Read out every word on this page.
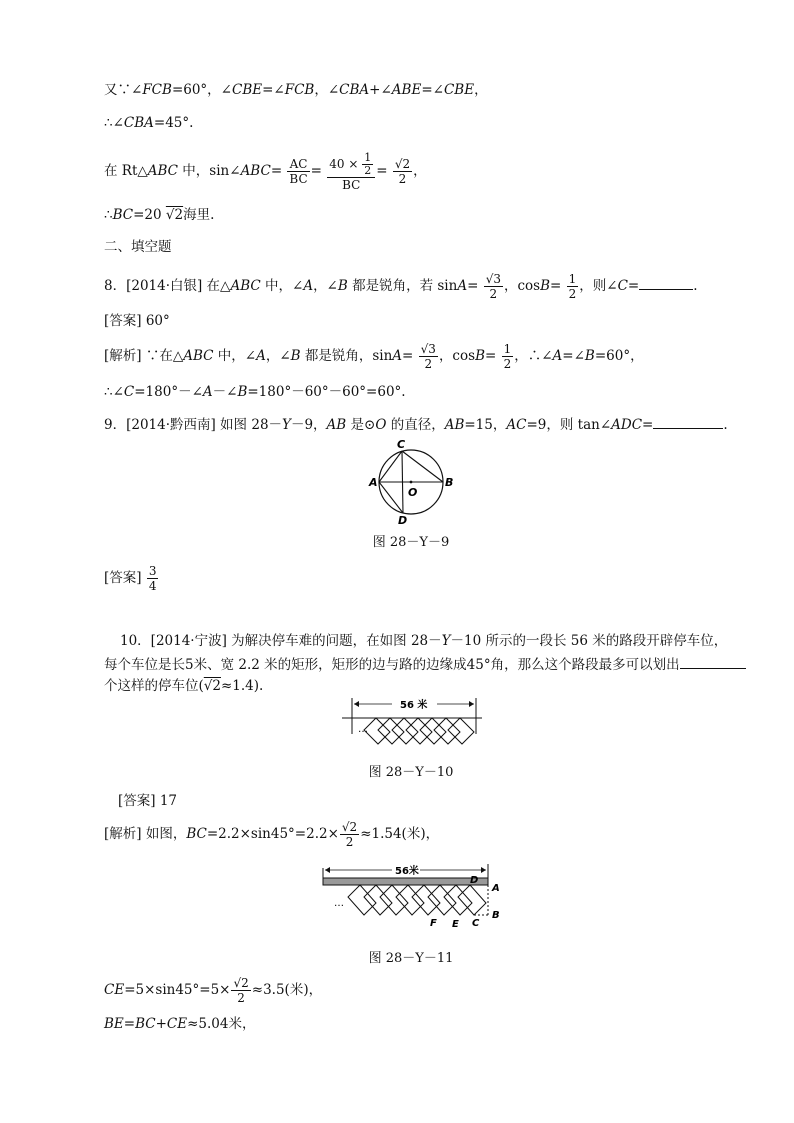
又∵∠FCB=60°，∠CBE=∠FCB，∠CBA+∠ABE=∠CBE，
∴∠CBA=45°.
在 Rt△ABC 中，sin∠ABC= $\frac{AC}{BC} = \frac{40 \times \frac{1}{2}}{BC} = \frac{√2}{2}$ ，
∴BC=20 √2海里.
二、填空题
8．[2014·白银] 在△ABC 中，∠A，∠B 都是锐角，若 $\sin A= \frac{√3}{2}$ ，$\cos B= \frac{1}{2}$ ，则∠C=	.
[答案] 60°
[解析] ∵在△ABC 中，∠A，∠B 都是锐角，$\sin A= \frac{√3}{2}$ ，$\cos B= \frac{1}{2}$ ，∴∠A=∠B=60°，
∴∠C=180°－∠A－∠B=180°－60°－60°=60°.
9．[2014·黔西南] 如图 28－Y－9，AB 是⊙O 的直径，AB=15，AC=9，则 tan∠ADC=	.
C
A	B
O
D
图 28－Y－9
[答案] $\frac{3}{4}$
10．[2014·宁波] 为解决停车难的问题，在如图 28－Y－10 所示的一段长 56 米的路段开辟停车位，
每个车位是长5米、宽 2.2 米的矩形，矩形的边与路的边缘成45°角，那么这个路段最多可以划出
个这样的停车位(√2≈1.4).
56 米
…
图 28－Y－10
[答案] 17
[解析] 如图，$BC=2.2\times\sin 45^\circ=2.2\times \frac{√2}{2} \approx 1.54$(米)，
56米
…
D
A
B
C
E
F
图 28－Y－11
$CE=5\times\sin 45^\circ=5\times \frac{√2}{2} \approx 3.5$(米)，
BE=BC+CE≈5.04米，
